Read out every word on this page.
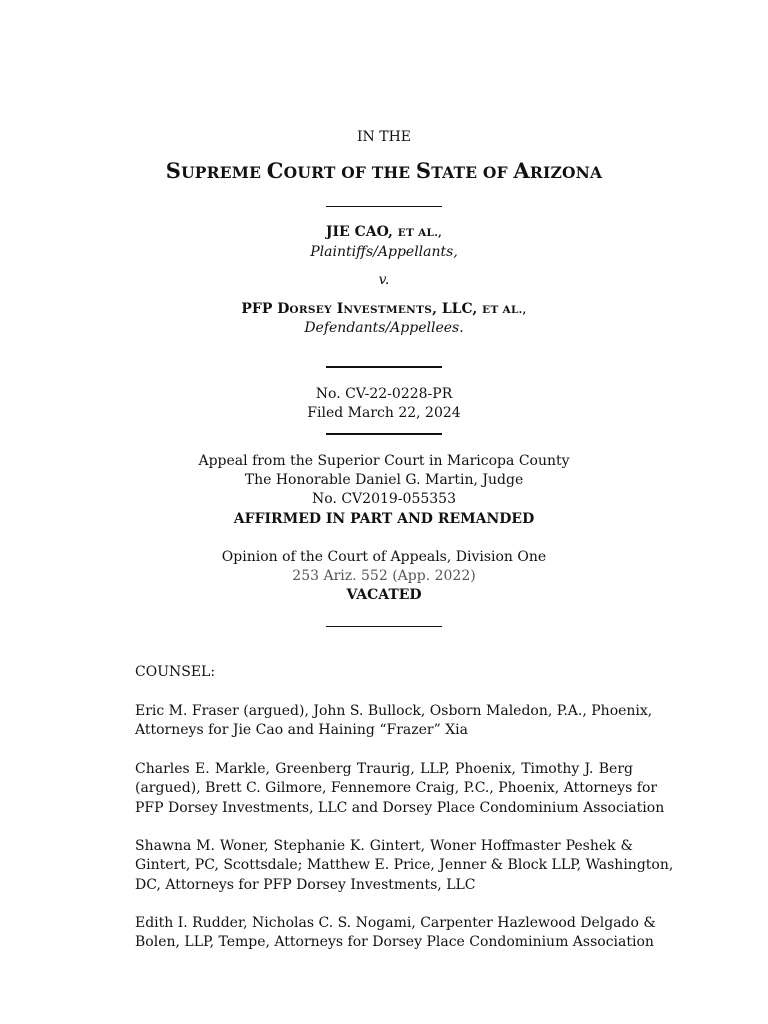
IN THE
SUPREME COURT OF THE STATE OF ARIZONA
JIE CAO, ET AL.,
Plaintiffs/Appellants,
v.
PFP DORSEY INVESTMENTS, LLC, ET AL.,
Defendants/Appellees.
No. CV-22-0228-PR
Filed March 22, 2024
Appeal from the Superior Court in Maricopa County
The Honorable Daniel G. Martin, Judge
No. CV2019-055353
AFFIRMED IN PART AND REMANDED
Opinion of the Court of Appeals, Division One
253 Ariz. 552 (App. 2022)
VACATED
COUNSEL:
Eric M. Fraser (argued), John S. Bullock, Osborn Maledon, P.A., Phoenix,
Attorneys for Jie Cao and Haining “Frazer” Xia
Charles E. Markle, Greenberg Traurig, LLP, Phoenix, Timothy J. Berg
(argued), Brett C. Gilmore, Fennemore Craig, P.C., Phoenix, Attorneys for
PFP Dorsey Investments, LLC and Dorsey Place Condominium Association
Shawna M. Woner, Stephanie K. Gintert, Woner Hoffmaster Peshek &
Gintert, PC, Scottsdale; Matthew E. Price, Jenner & Block LLP, Washington,
DC, Attorneys for PFP Dorsey Investments, LLC
Edith I. Rudder, Nicholas C. S. Nogami, Carpenter Hazlewood Delgado &
Bolen, LLP, Tempe, Attorneys for Dorsey Place Condominium Association
